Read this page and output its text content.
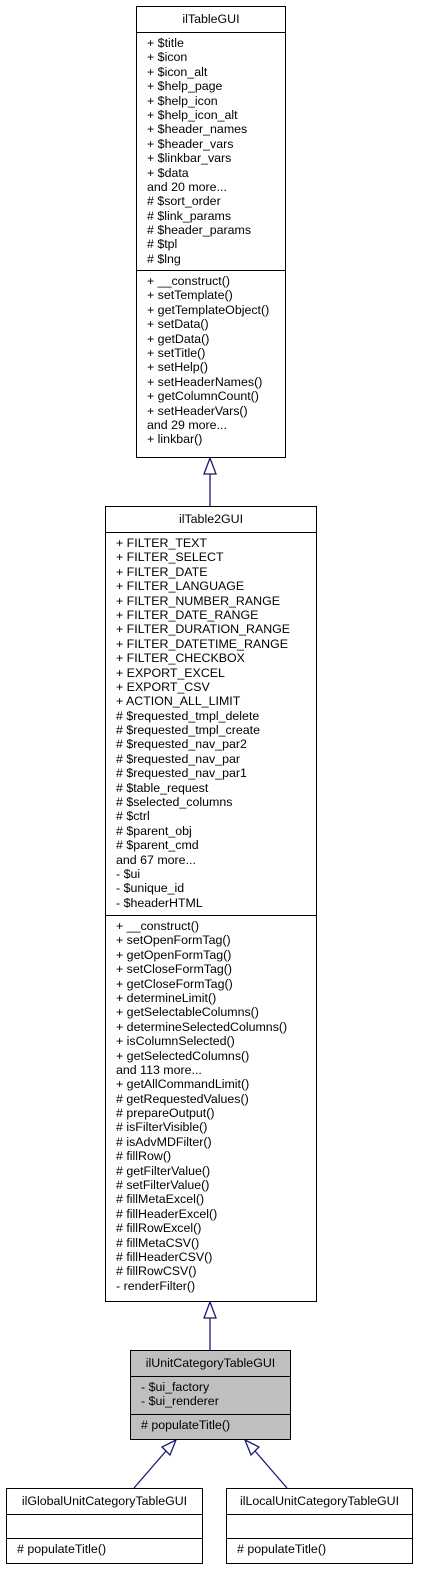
ilTableGUI
+ $title
+ $icon
+ $icon_alt
+ $help_page
+ $help_icon
+ $help_icon_alt
+ $header_names
+ $header_vars
+ $linkbar_vars
+ $data
and 20 more...
# $sort_order
# $link_params
# $header_params
# $tpl
# $lng
+ __construct()
+ setTemplate()
+ getTemplateObject()
+ setData()
+ getData()
+ setTitle()
+ setHelp()
+ setHeaderNames()
+ getColumnCount()
+ setHeaderVars()
and 29 more...
+ linkbar()
ilTable2GUI
+ FILTER_TEXT
+ FILTER_SELECT
+ FILTER_DATE
+ FILTER_LANGUAGE
+ FILTER_NUMBER_RANGE
+ FILTER_DATE_RANGE
+ FILTER_DURATION_RANGE
+ FILTER_DATETIME_RANGE
+ FILTER_CHECKBOX
+ EXPORT_EXCEL
+ EXPORT_CSV
+ ACTION_ALL_LIMIT
# $requested_tmpl_delete
# $requested_tmpl_create
# $requested_nav_par2
# $requested_nav_par
# $requested_nav_par1
# $table_request
# $selected_columns
# $ctrl
# $parent_obj
# $parent_cmd
and 67 more...
- $ui
- $unique_id
- $headerHTML
+ __construct()
+ setOpenFormTag()
+ getOpenFormTag()
+ setCloseFormTag()
+ getCloseFormTag()
+ determineLimit()
+ getSelectableColumns()
+ determineSelectedColumns()
+ isColumnSelected()
+ getSelectedColumns()
and 113 more...
+ getAllCommandLimit()
# getRequestedValues()
# prepareOutput()
# isFilterVisible()
# isAdvMDFilter()
# fillRow()
# getFilterValue()
# setFilterValue()
# fillMetaExcel()
# fillHeaderExcel()
# fillRowExcel()
# fillMetaCSV()
# fillHeaderCSV()
# fillRowCSV()
- renderFilter()
ilUnitCategoryTableGUI
- $ui_factory
- $ui_renderer
# populateTitle()
ilGlobalUnitCategoryTableGUI
# populateTitle()
ilLocalUnitCategoryTableGUI
# populateTitle()
